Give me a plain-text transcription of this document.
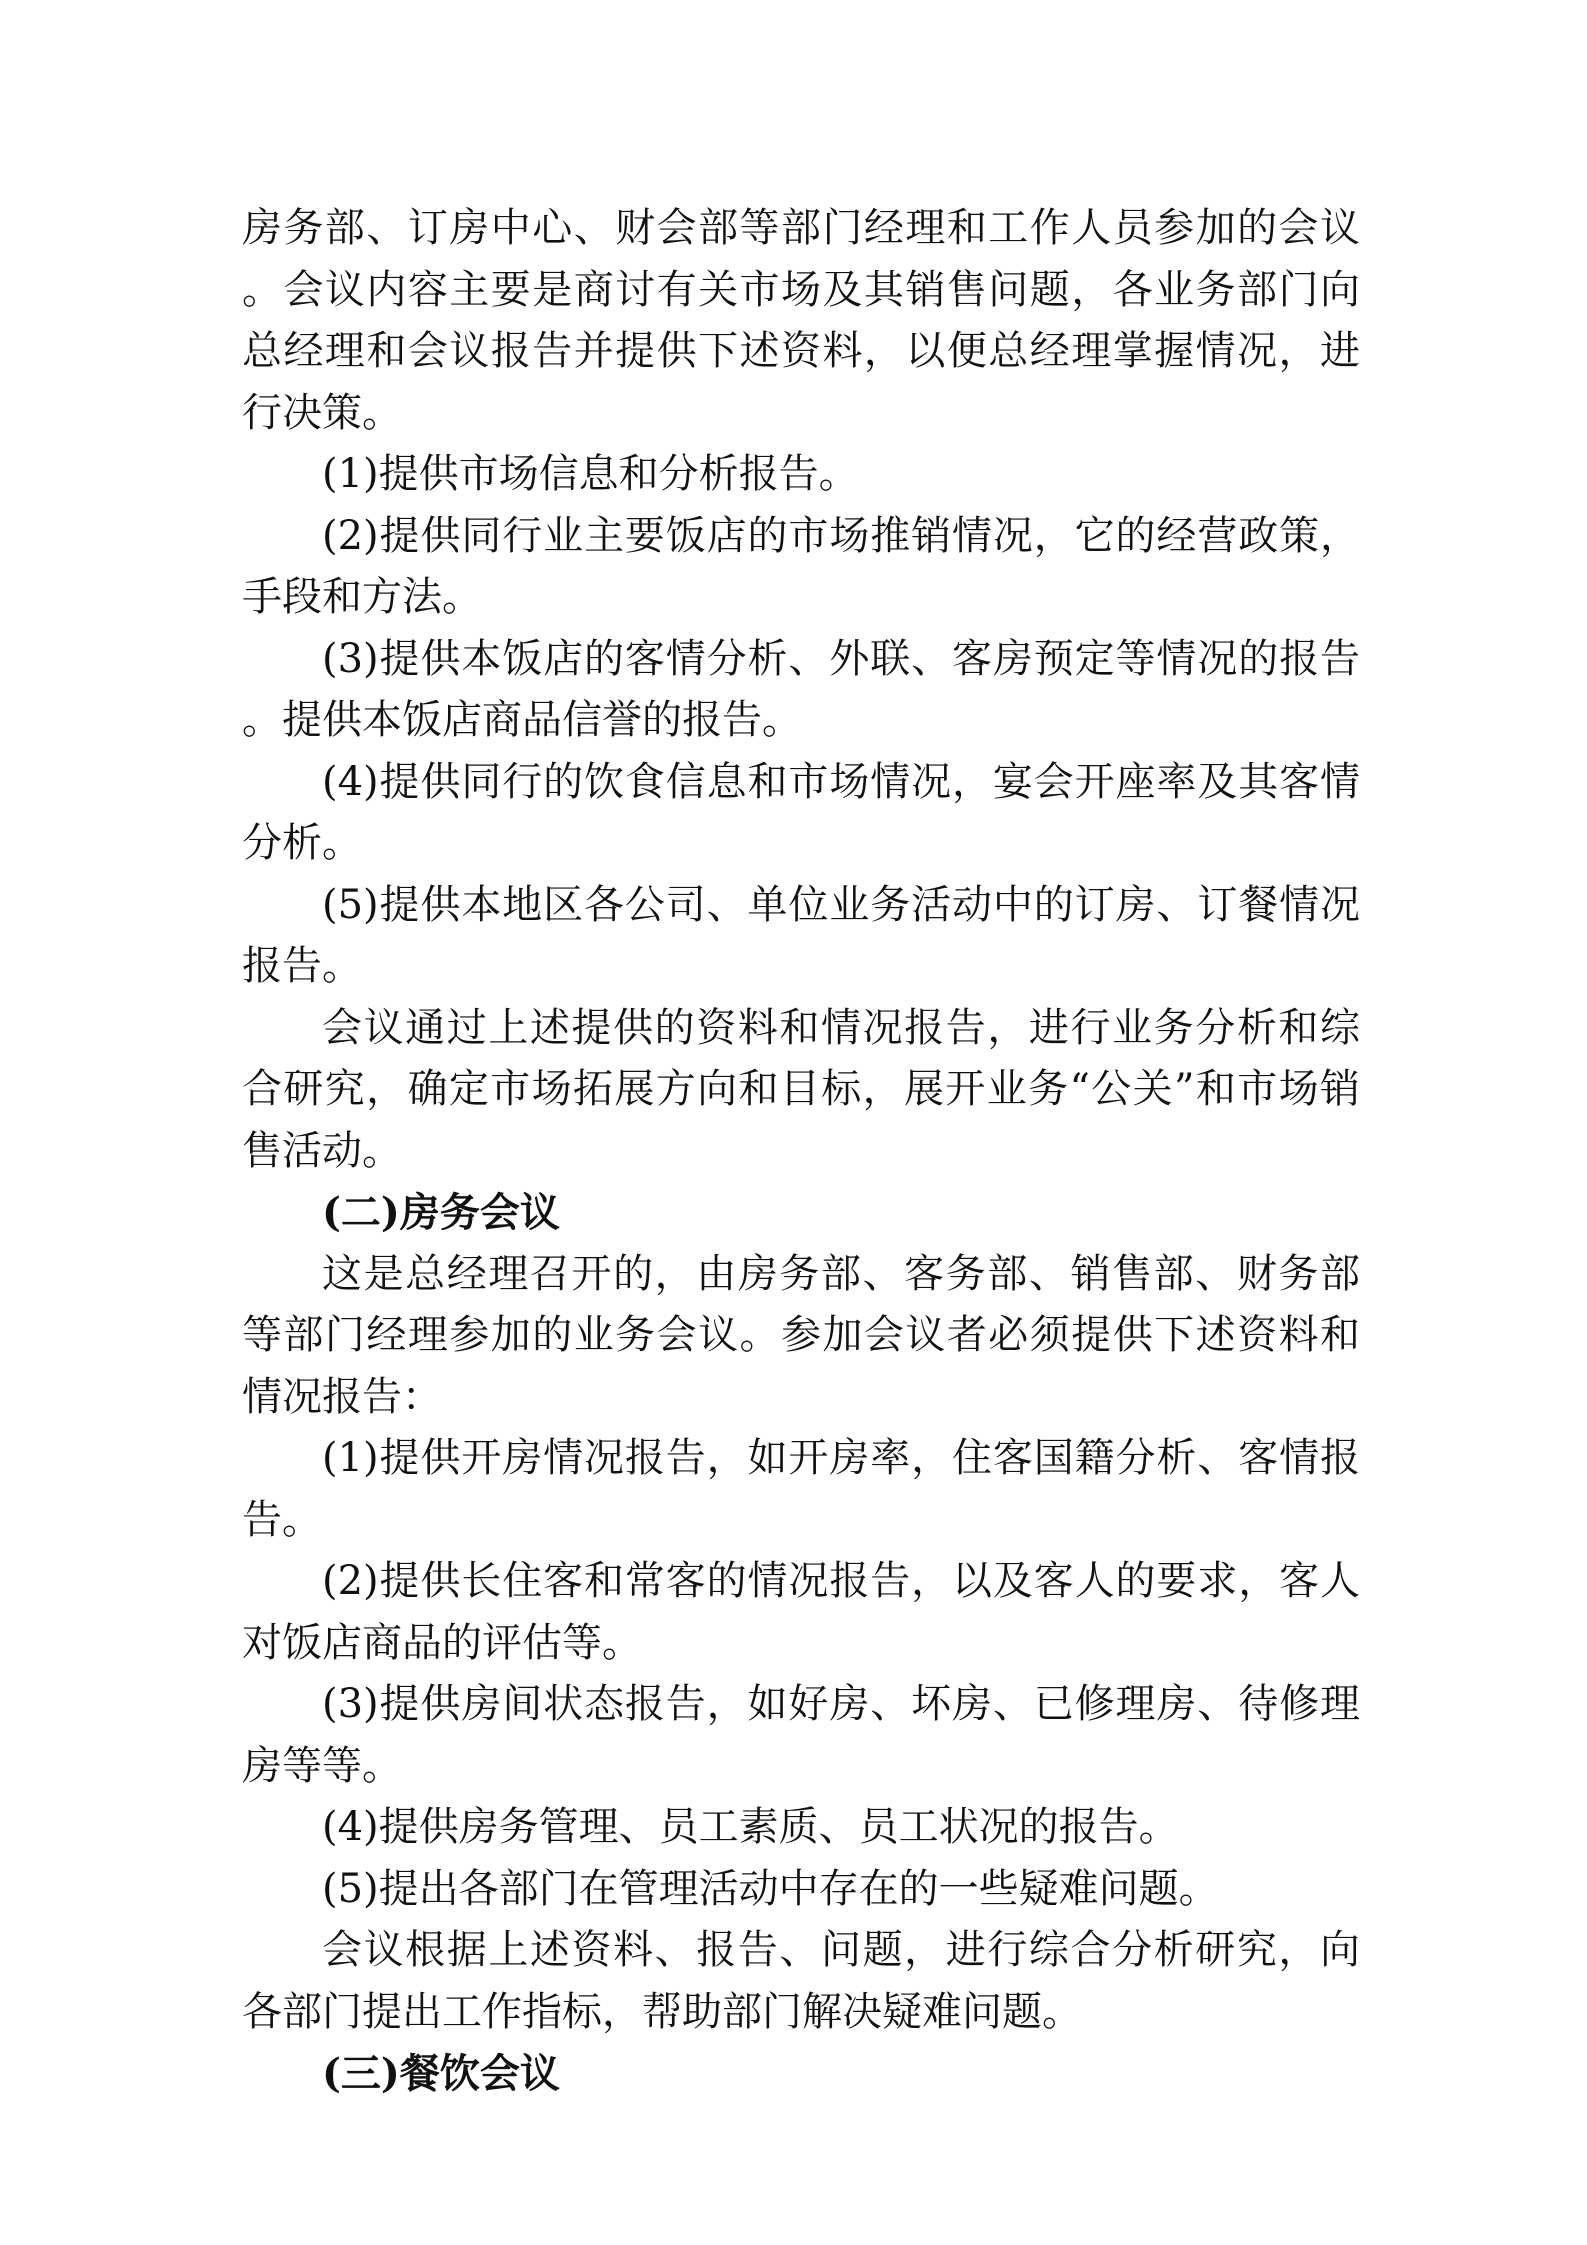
房务部、订房中心、财会部等部门经理和工作人员参加的会议。会议内容主要是商讨有关市场及其销售问题，各业务部门向总经理和会议报告并提供下述资料，以便总经理掌握情况，进行决策。

(1)提供市场信息和分析报告。

(2)提供同行业主要饭店的市场推销情况，它的经营政策，手段和方法。

(3)提供本饭店的客情分析、外联、客房预定等情况的报告。提供本饭店商品信誉的报告。

(4)提供同行的饮食信息和市场情况，宴会开座率及其客情分析。

(5)提供本地区各公司、单位业务活动中的订房、订餐情况报告。

会议通过上述提供的资料和情况报告，进行业务分析和综合研究，确定市场拓展方向和目标，展开业务“公关”和市场销售活动。

(二)房务会议

这是总经理召开的，由房务部、客务部、销售部、财务部等部门经理参加的业务会议。参加会议者必须提供下述资料和情况报告：

(1)提供开房情况报告，如开房率，住客国籍分析、客情报告。

(2)提供长住客和常客的情况报告，以及客人的要求，客人对饭店商品的评估等。

(3)提供房间状态报告，如好房、坏房、已修理房、待修理房等等。

(4)提供房务管理、员工素质、员工状况的报告。

(5)提出各部门在管理活动中存在的一些疑难问题。

会议根据上述资料、报告、问题，进行综合分析研究，向各部门提出工作指标，帮助部门解决疑难问题。

(三)餐饮会议
